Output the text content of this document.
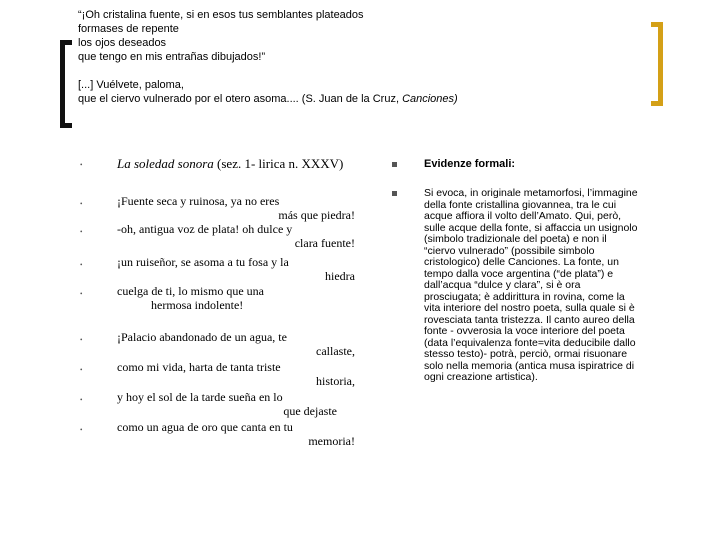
“¡Oh cristalina fuente, si en esos tus semblantes plateados
formases de repente
los ojos deseados
que tengo en mis entrañas dibujados!”
[...] Vuélvete, paloma,
que el ciervo vulnerado por el otero asoma.... (S. Juan de la Cruz, Canciones)
•	La soledad sonora (sez. 1- lirica n. XXXV)
•	¡Fuente seca y ruinosa, ya no eres
más que piedra!
•	-oh, antigua voz de plata! oh dulce y
clara fuente!
•	¡un ruiseñor, se asoma a tu fosa y la
hiedra
•	cuelga de ti, lo mismo que una
hermosa indolente!
•	¡Palacio abandonado de un agua, te
callaste,
•	como mi vida, harta de tanta triste
historia,
•	y hoy el sol de la tarde sueña en lo
que dejaste
•	como un agua de oro que canta en tu
memoria!
Evidenze formali:
Si evoca, in originale metamorfosi, l’immagine
della fonte cristallina giovannea, tra le cui
acque affiora il volto dell’Amato. Qui, però,
sulle acque della fonte, si affaccia un usignolo
(simbolo tradizionale del poeta) e non il
“ciervo vulnerado” (possibile simbolo
cristologico) delle Canciones. La fonte, un
tempo dalla voce argentina (“de plata”) e
dall’acqua “dulce y clara”, si è ora
prosciugata; è addirittura in rovina, come la
vita interiore del nostro poeta, sulla quale si è
rovesciata tanta tristezza. Il canto aureo della
fonte - ovverosia la voce interiore del poeta
(data l’equivalenza fonte=vita deducibile dallo
stesso testo)- potrà, perciò, ormai risuonare
solo nella memoria (antica musa ispiratrice di
ogni creazione artistica).
